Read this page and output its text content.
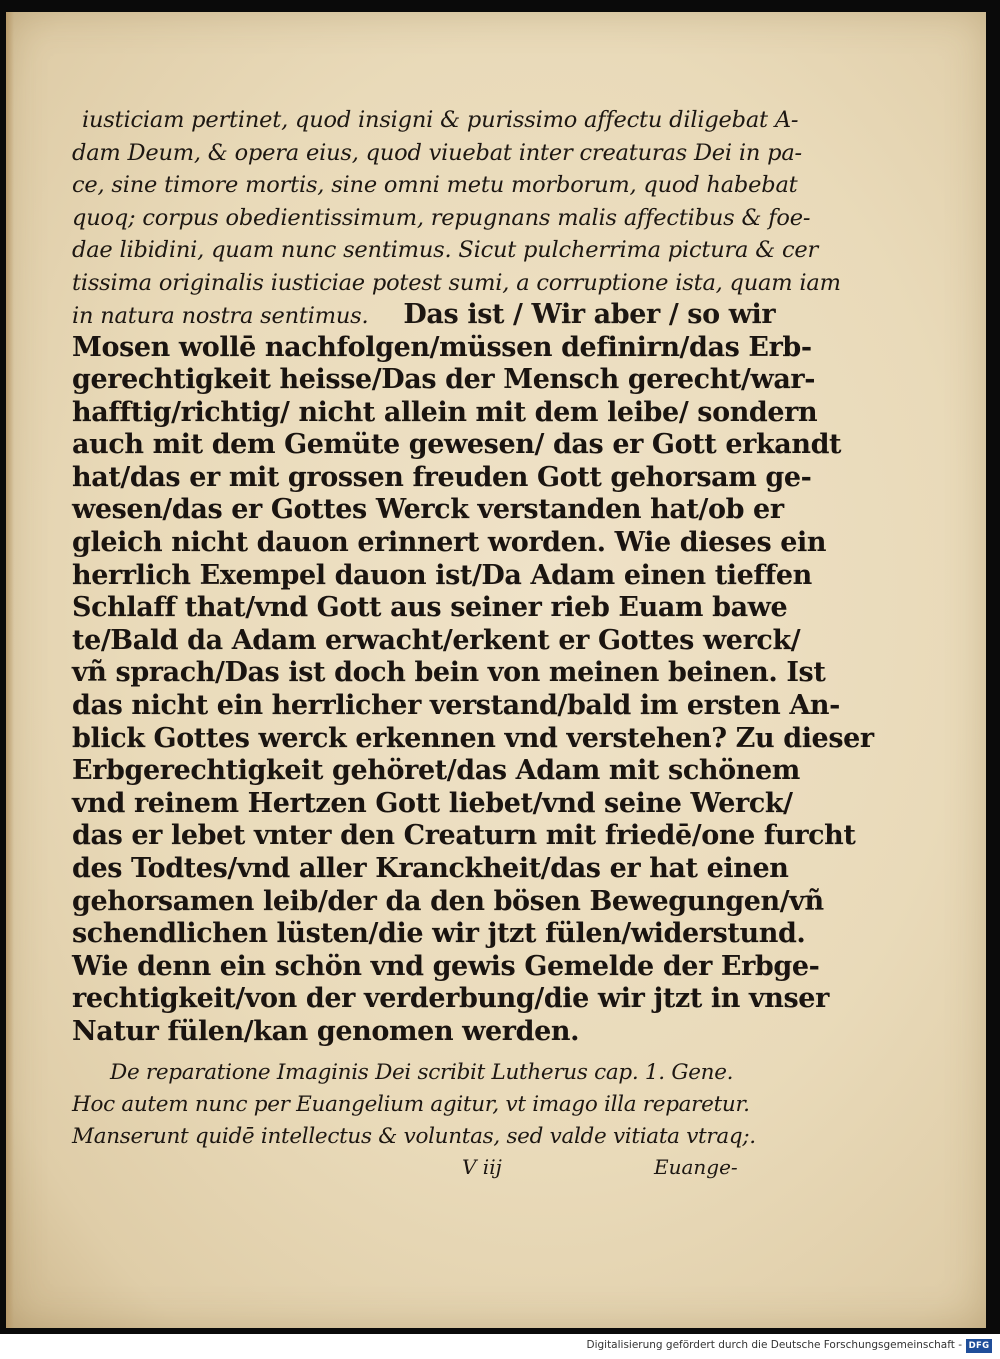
iusticiam pertinet, quod insigni & purissimo affectu diligebat A-
dam Deum, & opera eius, quod viuebat inter creaturas Dei in pa-
ce, sine timore mortis, sine omni metu morborum, quod habebat
quoq; corpus obedientissimum, repugnans malis affectibus & foe-
dae libidini, quam nunc sentimus. Sicut pulcherrima pictura & cer
tissima originalis iusticiae potest sumi, a corruptione ista, quam iam
in natura nostra sentimus. Das ist / Wir aber / so wir
Mosen wollē nachfolgen/müssen definirn/das Erb-
gerechtigkeit heisse/Das der Mensch gerecht/war-
hafftig/richtig/ nicht allein mit dem leibe/ sondern
auch mit dem Gemüte gewesen/ das er Gott erkandt
hat/das er mit grossen freuden Gott gehorsam ge-
wesen/das er Gottes Werck verstanden hat/ob er
gleich nicht dauon erinnert worden. Wie dieses ein
herrlich Exempel dauon ist/Da Adam einen tieffen
Schlaff that/vnd Gott aus seiner rieb Euam bawe
te/Bald da Adam erwacht/erkent er Gottes werck/
vñ sprach/Das ist doch bein von meinen beinen. Ist
das nicht ein herrlicher verstand/bald im ersten An-
blick Gottes werck erkennen vnd verstehen? Zu dieser
Erbgerechtigkeit gehöret/das Adam mit schönem
vnd reinem Hertzen Gott liebet/vnd seine Werck/
das er lebet vnter den Creaturn mit friedē/one furcht
des Todtes/vnd aller Kranckheit/das er hat einen
gehorsamen leib/der da den bösen Bewegungen/vñ
schendlichen lüsten/die wir jtzt fülen/widerstund.
Wie denn ein schön vnd gewis Gemelde der Erbge-
rechtigkeit/von der verderbung/die wir jtzt in vnser
Natur fülen/kan genomen werden.
De reparatione Imaginis Dei scribit Lutherus cap. 1. Gene.
Hoc autem nunc per Euangelium agitur, vt imago illa reparetur.
Manserunt quidē intellectus & voluntas, sed valde vitiata vtraq;.
V iij	Euange-
Digitalisierung gefördert durch die Deutsche Forschungsgemeinschaft - DFG
